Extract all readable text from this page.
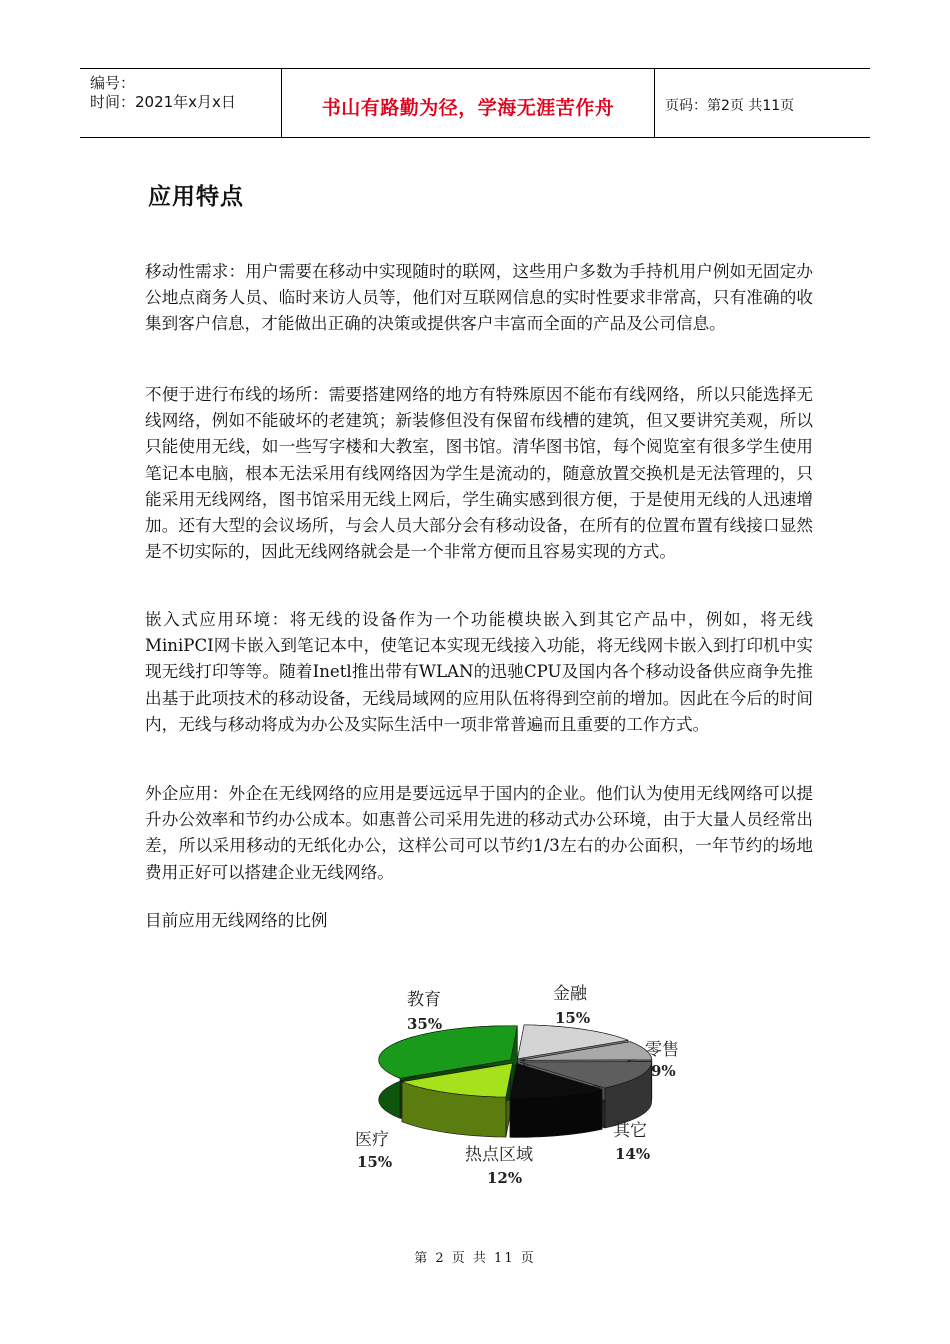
编号：
时间：2021年x月x日	书山有路勤为径，学海无涯苦作舟	页码：第2页 共11页
应用特点
移动性需求：用户需要在移动中实现随时的联网，这些用户多数为手持机用户例如无固定办公地点商务人员、临时来访人员等，他们对互联网信息的实时性要求非常高，只有准确的收集到客户信息，才能做出正确的决策或提供客户丰富而全面的产品及公司信息。
不便于进行布线的场所：需要搭建网络的地方有特殊原因不能布有线网络，所以只能选择无线网络，例如不能破坏的老建筑；新装修但没有保留布线槽的建筑，但又要讲究美观，所以只能使用无线，如一些写字楼和大教室，图书馆。清华图书馆，每个阅览室有很多学生使用笔记本电脑，根本无法采用有线网络因为学生是流动的，随意放置交换机是无法管理的，只能采用无线网络，图书馆采用无线上网后，学生确实感到很方便，于是使用无线的人迅速增加。还有大型的会议场所，与会人员大部分会有移动设备，在所有的位置布置有线接口显然是不切实际的，因此无线网络就会是一个非常方便而且容易实现的方式。
嵌入式应用环境：将无线的设备作为一个功能模块嵌入到其它产品中，例如，将无线MiniPCI网卡嵌入到笔记本中，使笔记本实现无线接入功能，将无线网卡嵌入到打印机中实现无线打印等等。随着Inetl推出带有WLAN的迅驰CPU及国内各个移动设备供应商争先推出基于此项技术的移动设备，无线局域网的应用队伍将得到空前的增加。因此在今后的时间内，无线与移动将成为办公及实际生活中一项非常普遍而且重要的工作方式。
外企应用：外企在无线网络的应用是要远远早于国内的企业。他们认为使用无线网络可以提升办公效率和节约办公成本。如惠普公司采用先进的移动式办公环境，由于大量人员经常出差，所以采用移动的无纸化办公，这样公司可以节约1/3左右的办公面积，一年节约的场地费用正好可以搭建企业无线网络。
目前应用无线网络的比例
教育
35%
金融
15%
零售
9%
其它
14%
热点区域
12%
医疗
15%
第 2 页 共 11 页
